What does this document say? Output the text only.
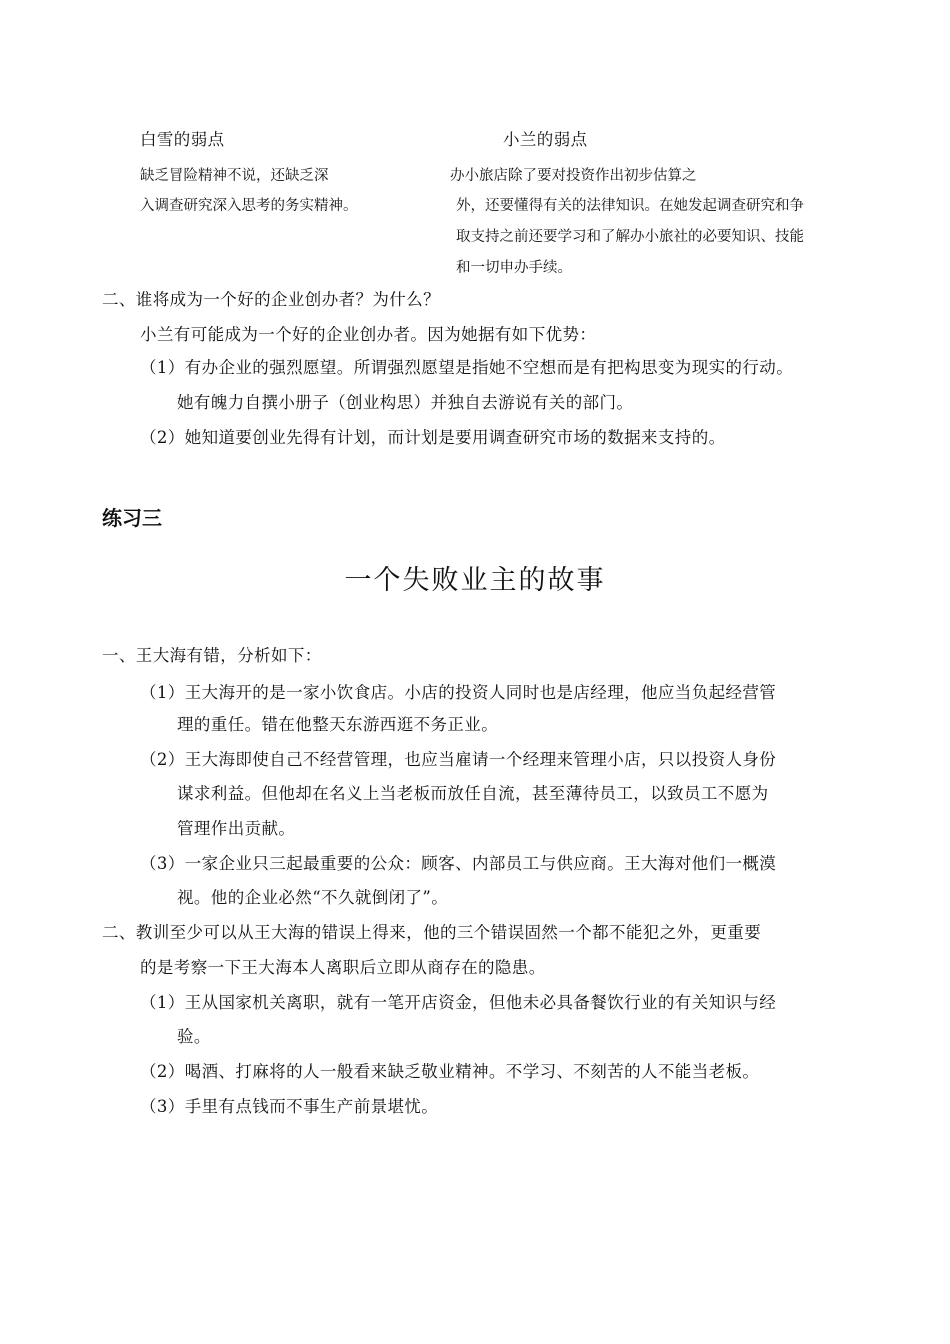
白雪的弱点	小兰的弱点
缺乏冒险精神不说，还缺乏深
入调查研究深入思考的务实精神。
办小旅店除了要对投资作出初步估算之
外，还要懂得有关的法律知识。在她发起调查研究和争
取支持之前还要学习和了解办小旅社的必要知识、技能
和一切申办手续。
二、谁将成为一个好的企业创办者？为什么？
小兰有可能成为一个好的企业创办者。因为她据有如下优势：
（1）有办企业的强烈愿望。所谓强烈愿望是指她不空想而是有把构思变为现实的行动。
她有魄力自撰小册子（创业构思）并独自去游说有关的部门。
（2）她知道要创业先得有计划，而计划是要用调查研究市场的数据来支持的。
练习三
一个失败业主的故事
一、王大海有错，分析如下：
（1）王大海开的是一家小饮食店。小店的投资人同时也是店经理，他应当负起经营管
理的重任。错在他整天东游西逛不务正业。
（2）王大海即使自己不经营管理，也应当雇请一个经理来管理小店，只以投资人身份
谋求利益。但他却在名义上当老板而放任自流，甚至薄待员工，以致员工不愿为
管理作出贡献。
（3）一家企业只三起最重要的公众：顾客、内部员工与供应商。王大海对他们一概漠
视。他的企业必然“不久就倒闭了”。
二、教训至少可以从王大海的错误上得来，他的三个错误固然一个都不能犯之外，更重要
的是考察一下王大海本人离职后立即从商存在的隐患。
（1）王从国家机关离职，就有一笔开店资金，但他未必具备餐饮行业的有关知识与经
验。
（2）喝酒、打麻将的人一般看来缺乏敬业精神。不学习、不刻苦的人不能当老板。
（3）手里有点钱而不事生产前景堪忧。
